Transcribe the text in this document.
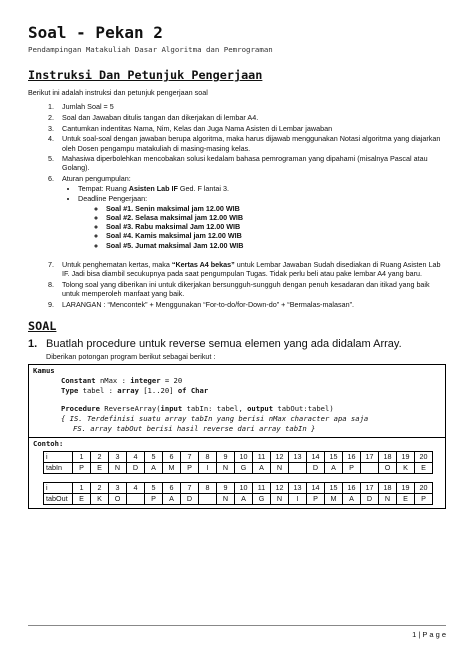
Soal - Pekan 2

Pendampingan Matakuliah Dasar Algoritma dan Pemrograman

Instruksi Dan Petunjuk Pengerjaan

Berikut ini adalah instruksi dan petunjuk pengerjaan soal

1. Jumlah Soal = 5
2. Soal dan Jawaban ditulis tangan dan dikerjakan di lembar A4.
3. Cantumkan indentitas Nama, Nim, Kelas dan Juga Nama Asisten di Lembar jawaban
4. Untuk soal-soal dengan jawaban berupa algoritma, maka harus dijawab menggunakan Notasi algoritma yang diajarkan oleh Dosen pengampu matakuliah di masing-masing kelas.
5. Mahasiwa diperbolehkan mencobakan solusi kedalam bahasa pemrograman yang dipahami (misalnya Pascal atau Golang).
6. Aturan pengumpulan:
• Tempat: Ruang Asisten Lab IF Ged. F lantai 3.
• Deadline Pengerjaan:
◦ Soal #1. Senin maksimal jam 12.00 WIB
◦ Soal #2. Selasa maksimal jam 12.00 WIB
◦ Soal #3. Rabu maksimal Jam 12.00 WIB
◦ Soal #4. Kamis maksimal jam 12.00 WIB
◦ Soal #5. Jumat maksimal Jam 12.00 WIB
7. Untuk penghematan kertas, maka “Kertas A4 bekas” untuk Lembar Jawaban Sudah disediakan di Ruang Asisten Lab IF. Jadi bisa diambil secukupnya pada saat pengumpulan Tugas. Tidak perlu beli atau pake lembar A4 yang baru.
8. Tolong soal yang diberikan ini untuk dikerjakan bersungguh-sungguh dengan penuh kesadaran dan itikad yang baik untuk memperoleh manfaat yang baik.
9. LARANGAN : “Mencontek” + Menggunakan “For-to-do/for-Down-do” + “Bermalas-malasan”.
SOAL

1. Buatlah procedure untuk reverse semua elemen yang ada didalam Array.

Diberikan potongan program berikut sebagai berikut :

Kamus
Constant nMax : integer = 20
Type tabel : array [1..20] of Char
Procedure ReverseArray(input tabIn: tabel, output tabOut:tabel)
{ IS. Terdefinisi suatu array tabIn yang berisi nMax character apa saja
FS. array tabOut berisi hasil reverse dari array tabIn }
Contoh:
i	1	2	3	4	5	6	7	8	9	10	11	12	13	14	15	16	17	18	19	20
tabIn	P	E	N	D	A	M	P	I	N	G	A	N		D	A	P		O	K	E
i	1	2	3	4	5	6	7	8	9	10	11	12	13	14	15	16	17	18	19	20
tabOut	E	K	O		P	A	D		N	A	G	N	I	P	M	A	D	N	E	P
1 | P a g e
